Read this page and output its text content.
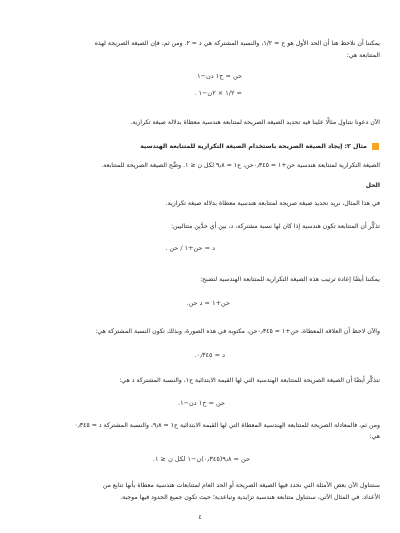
يمكننا أن نلاحظ هنا أن الحد الأول هو ح = ١/٢، والنسبة المشتركة هي د = ٢. ومن ثم، فإن الصيغة الصريحة لهذه
المتتابعة هي:
حن = ح١ دن−١
= ١/٢ × ٢ن−١ .
الآن دعونا نتناول مثالًا علينا فيه تحديد الصيغة الصريحة لمتتابعة هندسية معطاة بدلالة صيغة تكرارية.
مثال ٢: إيجاد الصيغة الصريحة باستخدام الصيغة التكرارية للمتتابعة الهندسية
الصيغة التكرارية لمتتابعة هندسية حن+١ = ٠٫٣٤٥حن، ح١ = ٩٫٨ لكل ن ≤ ١. وضِّح الصيغة الصريحة للمتتابعة.
الحل
في هذا المثال، نريد تحديد صيغة صريحة لمتتابعة هندسية معطاة بدلالة صيغة تكرارية.
تذكَّر أن المتتابعة تكون هندسية إذا كان لها نسبة مشتركة، د، بين أي حدَّين متتاليين:
د = حن+١ / حن .
يمكننا أيضًا إعادة ترتيب هذه الصيغة التكرارية للمتتابعة الهندسية لتصبح:
حن+١ = د حن.
والآن لاحظ أن العلاقة المعطاة، حن+١ = ٠٫٣٤٥حن، مكتوبة في هذه الصورة، وبذلك تكون النسبة المشتركة هي:
د = ٠٫٣٤٥.
نتذكَّر أيضًا أن الصيغة الصريحة للمتتابعة الهندسية التي لها القيمة الابتدائية ح١، والنسبة المشتركة د هي:
حن = ح١ دن−١.
ومن ثم، فالمعادلة الصريحة للمتتابعة الهندسية المعطاة التي لها القيمة الابتدائية ح١ = ٩٫٨، والنسبة المشتركة د = ٠٫٣٤٥
هي:
حن = ٩٫٨(٠٫٣٤٥)ن−١ لكل ن ≤ ١.
سنتناول الآن بعض الأمثلة التي نحدد فيها الصيغة الصريحة أو الحد العام لمتتابعات هندسية معطاة بأنها تتابع من
الأعداد. في المثال الآتي، سنتناول متتابعة هندسية تزايدية وتباعدية؛ حيث تكون جميع الحدود فيها موجبة.
٤
